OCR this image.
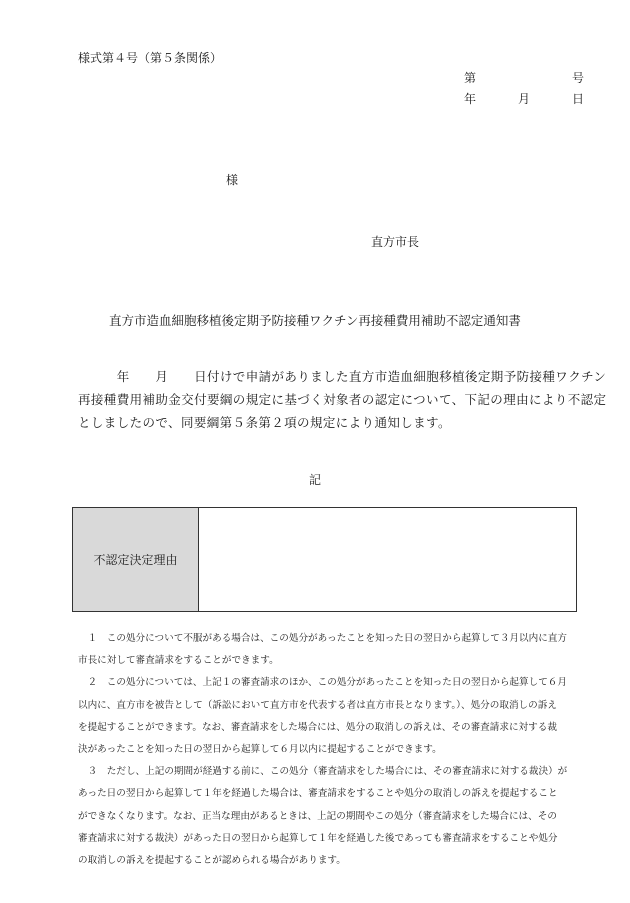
様式第４号（第５条関係）
第	号
年	月	日
様
直方市長
直方市造血細胞移植後定期予防接種ワクチン再接種費用補助不認定通知書
　　　年　　月　　日付けで申請がありました直方市造血細胞移植後定期予防接種ワクチン
再接種費用補助金交付要綱の規定に基づく対象者の認定について、下記の理由により不認定
としましたので、同要綱第５条第２項の規定により通知します。
記
不認定決定理由
　１　この処分について不服がある場合は、この処分があったことを知った日の翌日から起算して３月以内に直方
市長に対して審査請求をすることができます。
　２　この処分については、上記１の審査請求のほか、この処分があったことを知った日の翌日から起算して６月
以内に、直方市を被告として（訴訟において直方市を代表する者は直方市長となります。）、処分の取消しの訴え
を提起することができます。なお、審査請求をした場合には、処分の取消しの訴えは、その審査請求に対する裁
決があったことを知った日の翌日から起算して６月以内に提起することができます。
　３　ただし、上記の期間が経過する前に、この処分（審査請求をした場合には、その審査請求に対する裁決）が
あった日の翌日から起算して１年を経過した場合は、審査請求をすることや処分の取消しの訴えを提起すること
ができなくなります。なお、正当な理由があるときは、上記の期間やこの処分（審査請求をした場合には、その
審査請求に対する裁決）があった日の翌日から起算して１年を経過した後であっても審査請求をすることや処分
の取消しの訴えを提起することが認められる場合があります。
